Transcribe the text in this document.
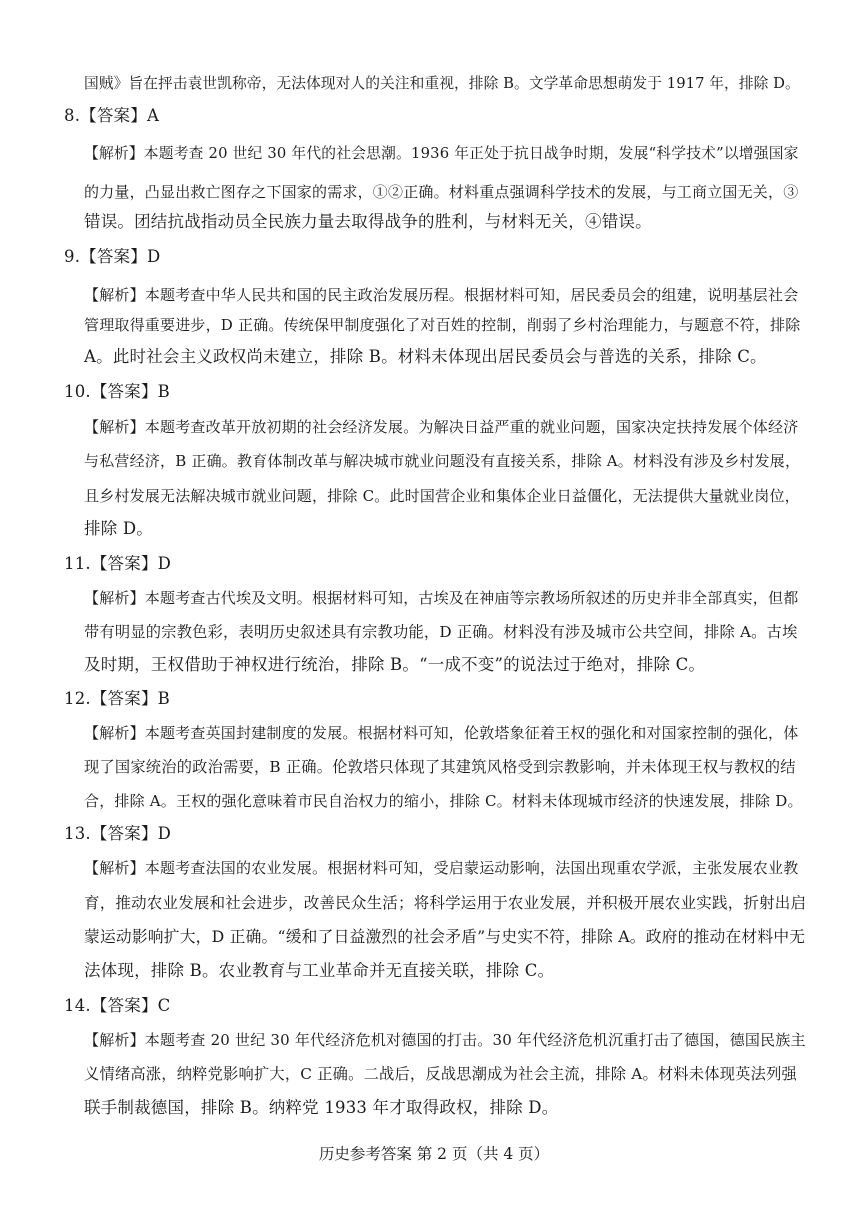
国贼》旨在抨击袁世凯称帝，无法体现对人的关注和重视，排除 B。文学革命思想萌发于 1917 年，排除 D。
8.【答案】A
【解析】本题考查 20 世纪 30 年代的社会思潮。1936 年正处于抗日战争时期，发展“科学技术”以增强国家
的力量，凸显出救亡图存之下国家的需求，①②正确。材料重点强调科学技术的发展，与工商立国无关，③
错误。团结抗战指动员全民族力量去取得战争的胜利，与材料无关，④错误。
9.【答案】D
【解析】本题考查中华人民共和国的民主政治发展历程。根据材料可知，居民委员会的组建，说明基层社会
管理取得重要进步，D 正确。传统保甲制度强化了对百姓的控制，削弱了乡村治理能力，与题意不符，排除
A。此时社会主义政权尚未建立，排除 B。材料未体现出居民委员会与普选的关系，排除 C。
10.【答案】B
【解析】本题考查改革开放初期的社会经济发展。为解决日益严重的就业问题，国家决定扶持发展个体经济
与私营经济，B 正确。教育体制改革与解决城市就业问题没有直接关系，排除 A。材料没有涉及乡村发展，
且乡村发展无法解决城市就业问题，排除 C。此时国营企业和集体企业日益僵化，无法提供大量就业岗位，
排除 D。
11.【答案】D
【解析】本题考查古代埃及文明。根据材料可知，古埃及在神庙等宗教场所叙述的历史并非全部真实，但都
带有明显的宗教色彩，表明历史叙述具有宗教功能，D 正确。材料没有涉及城市公共空间，排除 A。古埃
及时期，王权借助于神权进行统治，排除 B。“一成不变”的说法过于绝对，排除 C。
12.【答案】B
【解析】本题考查英国封建制度的发展。根据材料可知，伦敦塔象征着王权的强化和对国家控制的强化，体
现了国家统治的政治需要，B 正确。伦敦塔只体现了其建筑风格受到宗教影响，并未体现王权与教权的结
合，排除 A。王权的强化意味着市民自治权力的缩小，排除 C。材料未体现城市经济的快速发展，排除 D。
13.【答案】D
【解析】本题考查法国的农业发展。根据材料可知，受启蒙运动影响，法国出现重农学派，主张发展农业教
育，推动农业发展和社会进步，改善民众生活；将科学运用于农业发展，并积极开展农业实践，折射出启
蒙运动影响扩大，D 正确。“缓和了日益激烈的社会矛盾”与史实不符，排除 A。政府的推动在材料中无
法体现，排除 B。农业教育与工业革命并无直接关联，排除 C。
14.【答案】C
【解析】本题考查 20 世纪 30 年代经济危机对德国的打击。30 年代经济危机沉重打击了德国，德国民族主
义情绪高涨，纳粹党影响扩大，C 正确。二战后，反战思潮成为社会主流，排除 A。材料未体现英法列强
联手制裁德国，排除 B。纳粹党 1933 年才取得政权，排除 D。
历史参考答案 第 2 页（共 4 页）
